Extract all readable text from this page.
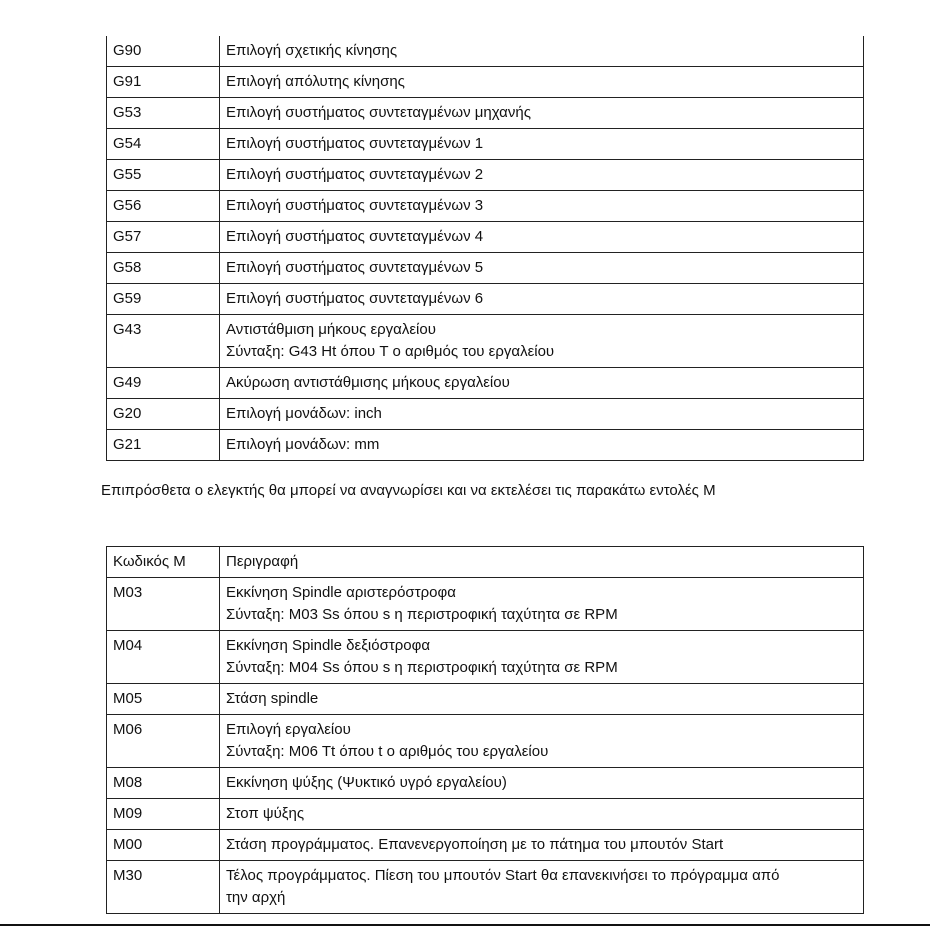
G90	Επιλογή σχετικής κίνησης

G91	Επιλογή απόλυτης κίνησης

G53	Επιλογή συστήματος συντεταγμένων μηχανής

G54	Επιλογή συστήματος συντεταγμένων 1

G55	Επιλογή συστήματος συντεταγμένων 2

G56	Επιλογή συστήματος συντεταγμένων 3

G57	Επιλογή συστήματος συντεταγμένων 4

G58	Επιλογή συστήματος συντεταγμένων 5

G59	Επιλογή συστήματος συντεταγμένων 6

G43	Αντιστάθμιση μήκους εργαλείου
Σύνταξη: G43 Ht όπου T ο αριθμός του εργαλείου

G49	Ακύρωση αντιστάθμισης μήκους εργαλείου

G20	Επιλογή μονάδων: inch

G21	Επιλογή μονάδων: mm
Επιπρόσθετα ο ελεγκτής θα μπορεί να αναγνωρίσει και να εκτελέσει τις παρακάτω εντολές M
Κωδικός M	Περιγραφή
M03	Εκκίνηση Spindle αριστερόστροφα
Σύνταξη: M03 Ss όπου s η περιστροφική ταχύτητα σε RPM

M04	Εκκίνηση Spindle δεξιόστροφα
Σύνταξη: M04 Ss όπου s η περιστροφική ταχύτητα σε RPM

M05	Στάση spindle

M06	Επιλογή εργαλείου
Σύνταξη: M06 Tt όπου t ο αριθμός του εργαλείου

M08	Εκκίνηση ψύξης (Ψυκτικό υγρό εργαλείου)

M09	Στοπ ψύξης

M00	Στάση προγράμματος. Επανενεργοποίηση με το πάτημα του μπουτόν Start

M30	Τέλος προγράμματος. Πίεση του μπουτόν Start θα επανεκινήσει το πρόγραμμα από
την αρχή
